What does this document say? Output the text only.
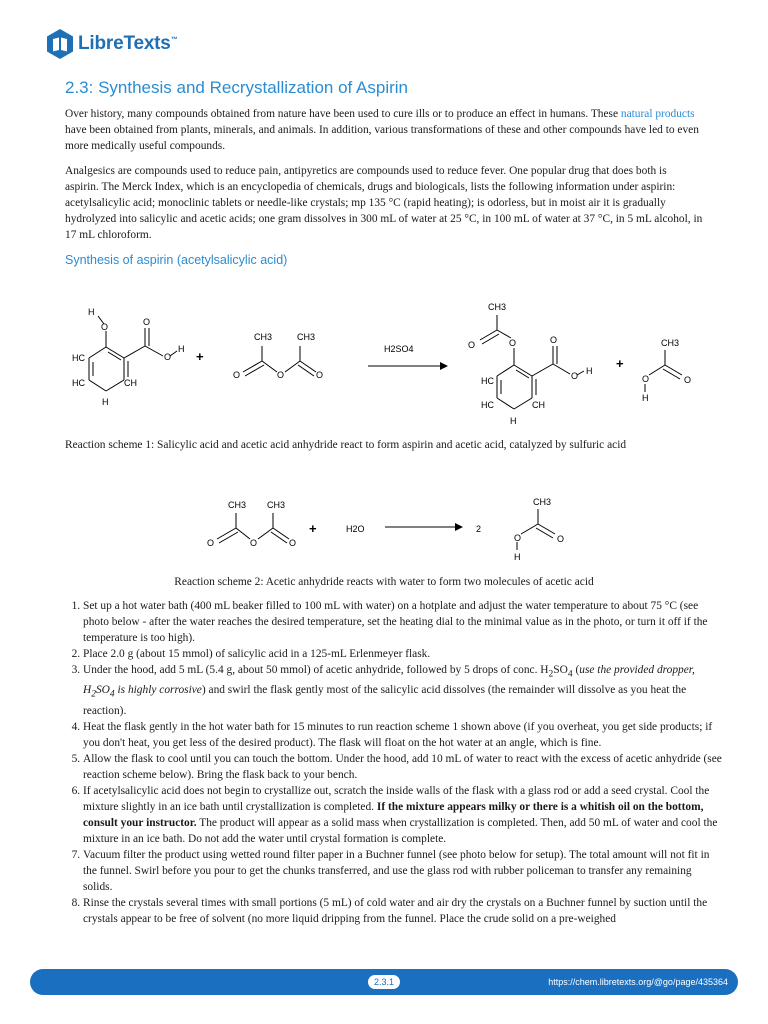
LibreTexts™
2.3: Synthesis and Recrystallization of Aspirin

Over history, many compounds obtained from nature have been used to cure ills or to produce an effect in humans. These natural products have been obtained from plants, minerals, and animals. In addition, various transformations of these and other compounds have led to even more medically useful compounds.

Analgesics are compounds used to reduce pain, antipyretics are compounds used to reduce fever. One popular drug that does both is aspirin. The Merck Index, which is an encyclopedia of chemicals, drugs and biologicals, lists the following information under aspirin: acetylsalicylic acid; monoclinic tablets or needle-like crystals; mp 135 °C (rapid heating); is odorless, but in moist air it is gradually hydrolyzed into salicylic and acetic acids; one gram dissolves in 300 mL of water at 25 °C, in 100 mL of water at 37 °C, in 5 mL alcohol, in 17 mL chloroform.

Synthesis of aspirin (acetylsalicylic acid)
H
O	O
O
H
HC
HC	CH
H
CH3	CH3
O	O	O
H2SO4
CH3
O
O	O
O H
HC
HC	CH
H
CH3
O	O
H
+	+
+
CH3 CH3
O	O	O
H2O	2
CH3
O	O
H
Reaction scheme 1: Salicylic acid and acetic acid anhydride react to form aspirin and acetic acid, catalyzed by sulfuric acid
Reaction scheme 2: Acetic anhydride reacts with water to form two molecules of acetic acid
1. Set up a hot water bath (400 mL beaker filled to 100 mL with water) on a hotplate and adjust the water temperature to about 75 °C (see photo below - after the water reaches the desired temperature, set the heating dial to the minimal value as in the photo, or turn it off if the temperature is too high).
2. Place 2.0 g (about 15 mmol) of salicylic acid in a 125-mL Erlenmeyer flask.
3. Under the hood, add 5 mL (5.4 g, about 50 mmol) of acetic anhydride, followed by 5 drops of conc. $H_2SO_4$ (use the provided dropper, $H_2SO_4$ is highly corrosive) and swirl the flask gently most of the salicylic acid dissolves (the remainder will dissolve as you heat the reaction).
4. Heat the flask gently in the hot water bath for 15 minutes to run reaction scheme 1 shown above (if you overheat, you get side products; if you don't heat, you get less of the desired product). The flask will float on the hot water at an angle, which is fine.
5. Allow the flask to cool until you can touch the bottom. Under the hood, add 10 mL of water to react with the excess of acetic anhydride (see reaction scheme below). Bring the flask back to your bench.
6. If acetylsalicylic acid does not begin to crystallize out, scratch the inside walls of the flask with a glass rod or add a seed crystal. Cool the mixture slightly in an ice bath until crystallization is completed. If the mixture appears milky or there is a whitish oil on the bottom, consult your instructor. The product will appear as a solid mass when crystallization is completed. Then, add 50 mL of water and cool the mixture in an ice bath. Do not add the water until crystal formation is complete.
7. Vacuum filter the product using wetted round filter paper in a Buchner funnel (see photo below for setup). The total amount will not fit in the funnel. Swirl before you pour to get the chunks transferred, and use the glass rod with rubber policeman to transfer any remaining solids.
8. Rinse the crystals several times with small portions (5 mL) of cold water and air dry the crystals on a Buchner funnel by suction until the crystals appear to be free of solvent (no more liquid dripping from the funnel. Place the crude solid on a pre-weighed
2.3.1	https://chem.libretexts.org/@go/page/435364
